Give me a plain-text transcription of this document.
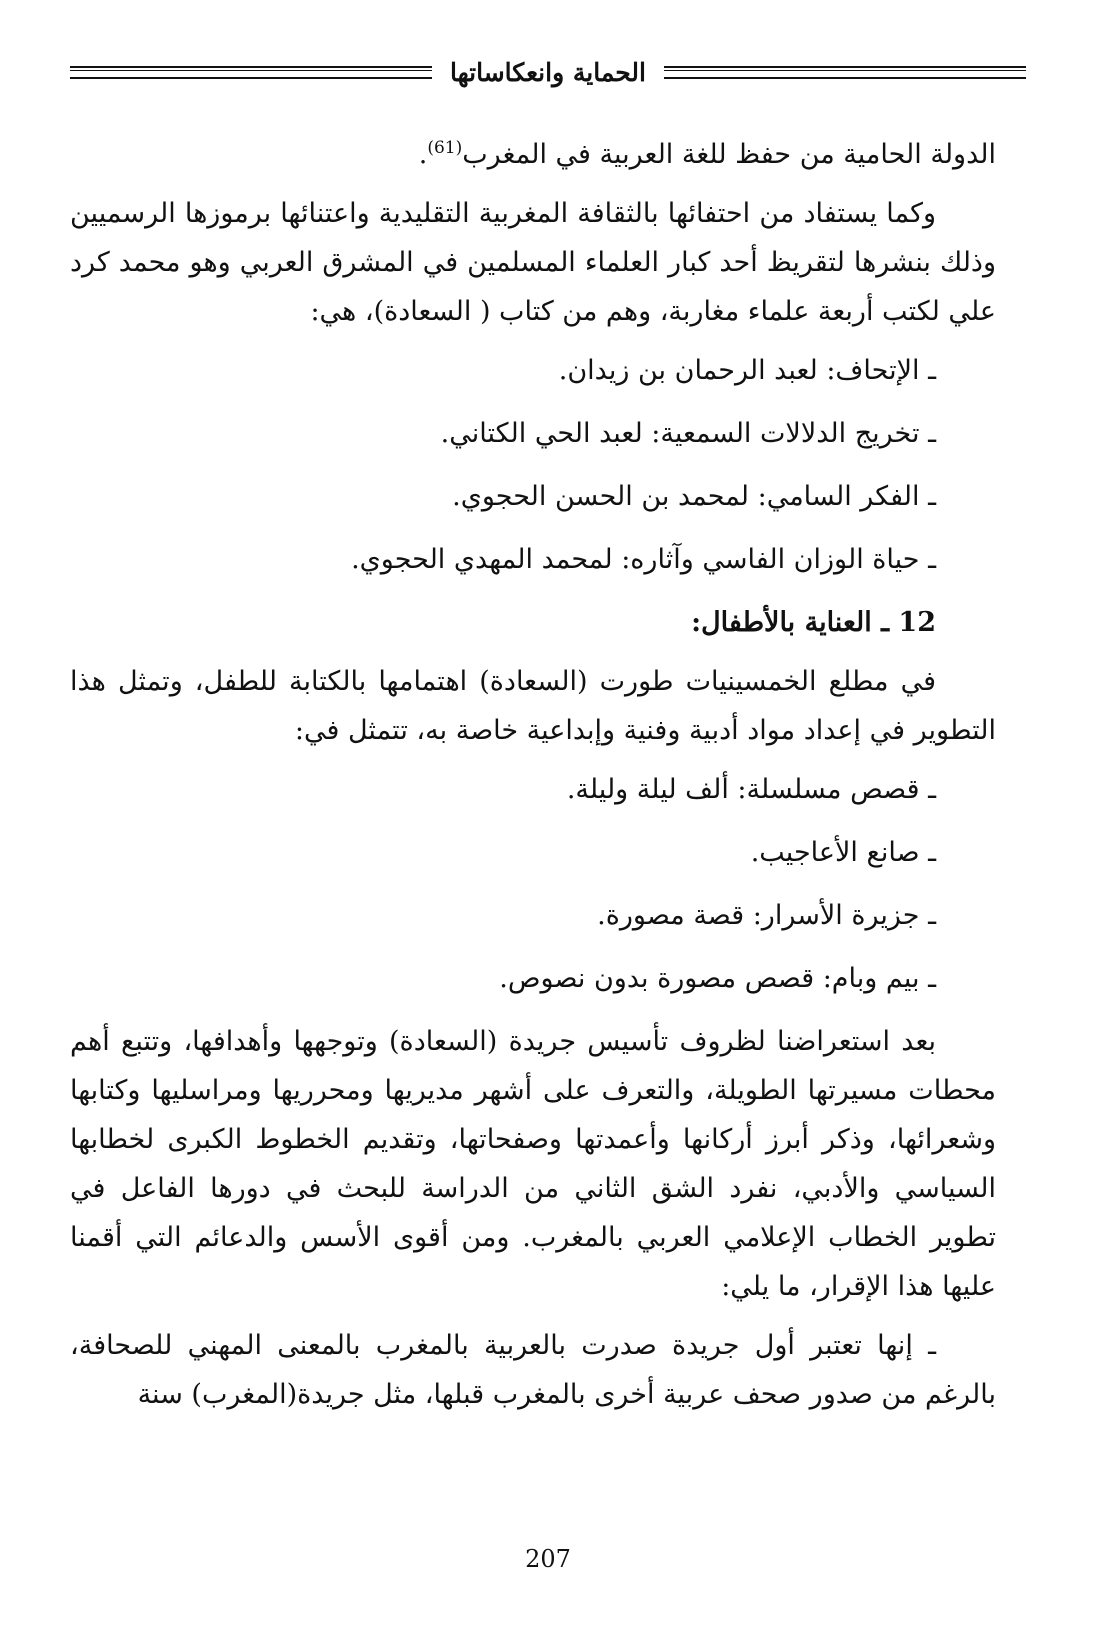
الحماية وانعكاساتها

الدولة الحامية من حفظ للغة العربية في المغرب$^{(61)}$.

وكما يستفاد من احتفائها بالثقافة المغربية التقليدية واعتنائها برموزها الرسميين وذلك بنشرها لتقريظ أحد كبار العلماء المسلمين في المشرق العربي وهو محمد كرد علي لكتب أربعة علماء مغاربة، وهم من كتاب ( السعادة)، هي:

ـ الإتحاف: لعبد الرحمان بن زيدان.
ـ تخريج الدلالات السمعية: لعبد الحي الكتاني.
ـ الفكر السامي: لمحمد بن الحسن الحجوي.
ـ حياة الوزان الفاسي وآثاره: لمحمد المهدي الحجوي.
12 ـ العناية بالأطفال:

في مطلع الخمسينيات طورت (السعادة) اهتمامها بالكتابة للطفل، وتمثل هذا التطوير في إعداد مواد أدبية وفنية وإبداعية خاصة به، تتمثل في:

ـ قصص مسلسلة: ألف ليلة وليلة.
ـ صانع الأعاجيب.
ـ جزيرة الأسرار: قصة مصورة.
ـ بيم وبام: قصص مصورة بدون نصوص.

بعد استعراضنا لظروف تأسيس جريدة (السعادة) وتوجهها وأهدافها، وتتبع أهم محطات مسيرتها الطويلة، والتعرف على أشهر مديريها ومحرريها ومراسليها وكتابها وشعرائها، وذكر أبرز أركانها وأعمدتها وصفحاتها، وتقديم الخطوط الكبرى لخطابها السياسي والأدبي، نفرد الشق الثاني من الدراسة للبحث في دورها الفاعل في تطوير الخطاب الإعلامي العربي بالمغرب. ومن أقوى الأسس والدعائم التي أقمنا عليها هذا الإقرار، ما يلي:

ـ إنها تعتبر أول جريدة صدرت بالعربية بالمغرب بالمعنى المهني للصحافة، بالرغم من صدور صحف عربية أخرى بالمغرب قبلها، مثل جريدة(المغرب) سنة

207
